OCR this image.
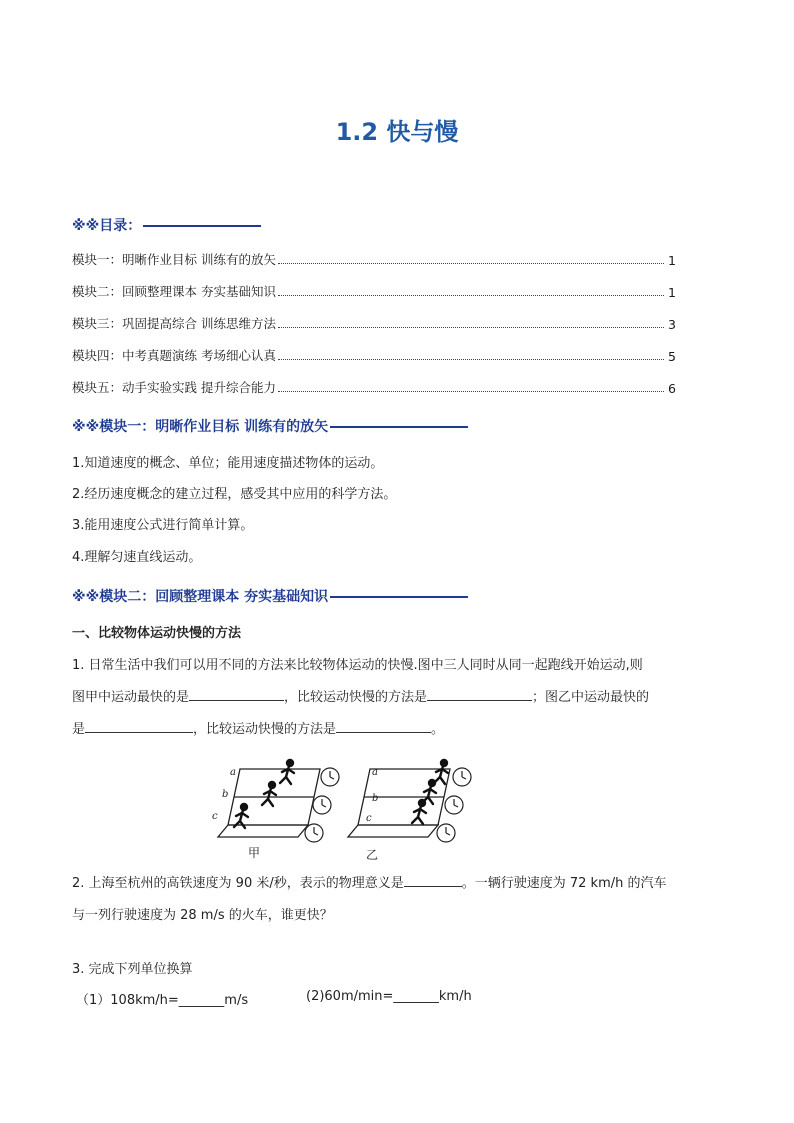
1.2 快与慢
※※目录：
模块一：明晰作业目标 训练有的放矢	1
模块二：回顾整理课本 夯实基础知识	1
模块三：巩固提高综合 训练思维方法	3
模块四：中考真题演练 考场细心认真	5
模块五：动手实验实践 提升综合能力	6
※※模块一：明晰作业目标 训练有的放矢
1.知道速度的概念、单位；能用速度描述物体的运动。
2.经历速度概念的建立过程，感受其中应用的科学方法。
3.能用速度公式进行简单计算。
4.理解匀速直线运动。
※※模块二：回顾整理课本 夯实基础知识
一、比较物体运动快慢的方法
1. 日常生活中我们可以用不同的方法来比较物体运动的快慢.图中三人同时从同一起跑线开始运动,则
图甲中运动最快的是	，比较运动快慢的方法是	；图乙中运动最快的
是	，比较运动快慢的方法是	。
a
b
c
a
b
c
甲	乙
2. 上海至杭州的高铁速度为 90 米/秒，表示的物理意义是	。一辆行驶速度为 72 km/h 的汽车
与一列行驶速度为 28 m/s 的火车，谁更快？
3. 完成下列单位换算
（1）108km/h=_______m/s	(2)60m/min=_______km/h
